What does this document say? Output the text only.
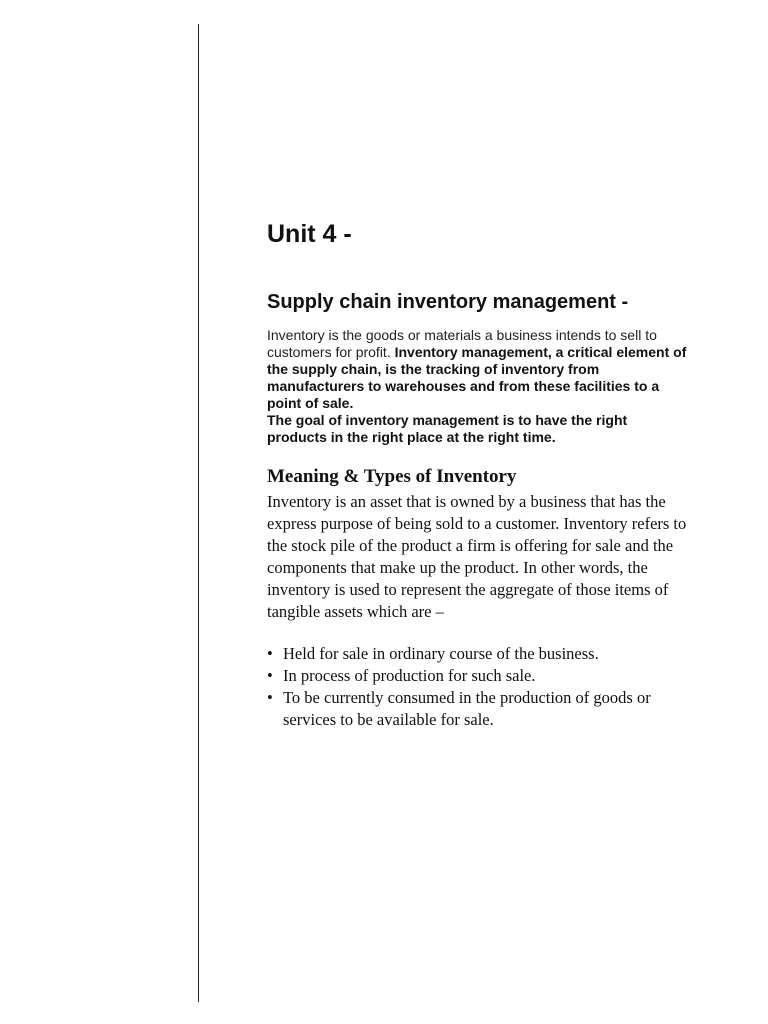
Unit 4 -
Supply chain inventory management -

Inventory is the goods or materials a business intends to sell to customers for profit. Inventory management, a critical element of the supply chain, is the tracking of inventory from manufacturers to warehouses and from these facilities to a point of sale.
The goal of inventory management is to have the right products in the right place at the right time.

Meaning & Types of Inventory

Inventory is an asset that is owned by a business that has the express purpose of being sold to a customer. Inventory refers to the stock pile of the product a firm is offering for sale and the components that make up the product. In other words, the inventory is used to represent the aggregate of those items of tangible assets which are –

• Held for sale in ordinary course of the business.
• In process of production for such sale.
• To be currently consumed in the production of goods or services to be available for sale.
